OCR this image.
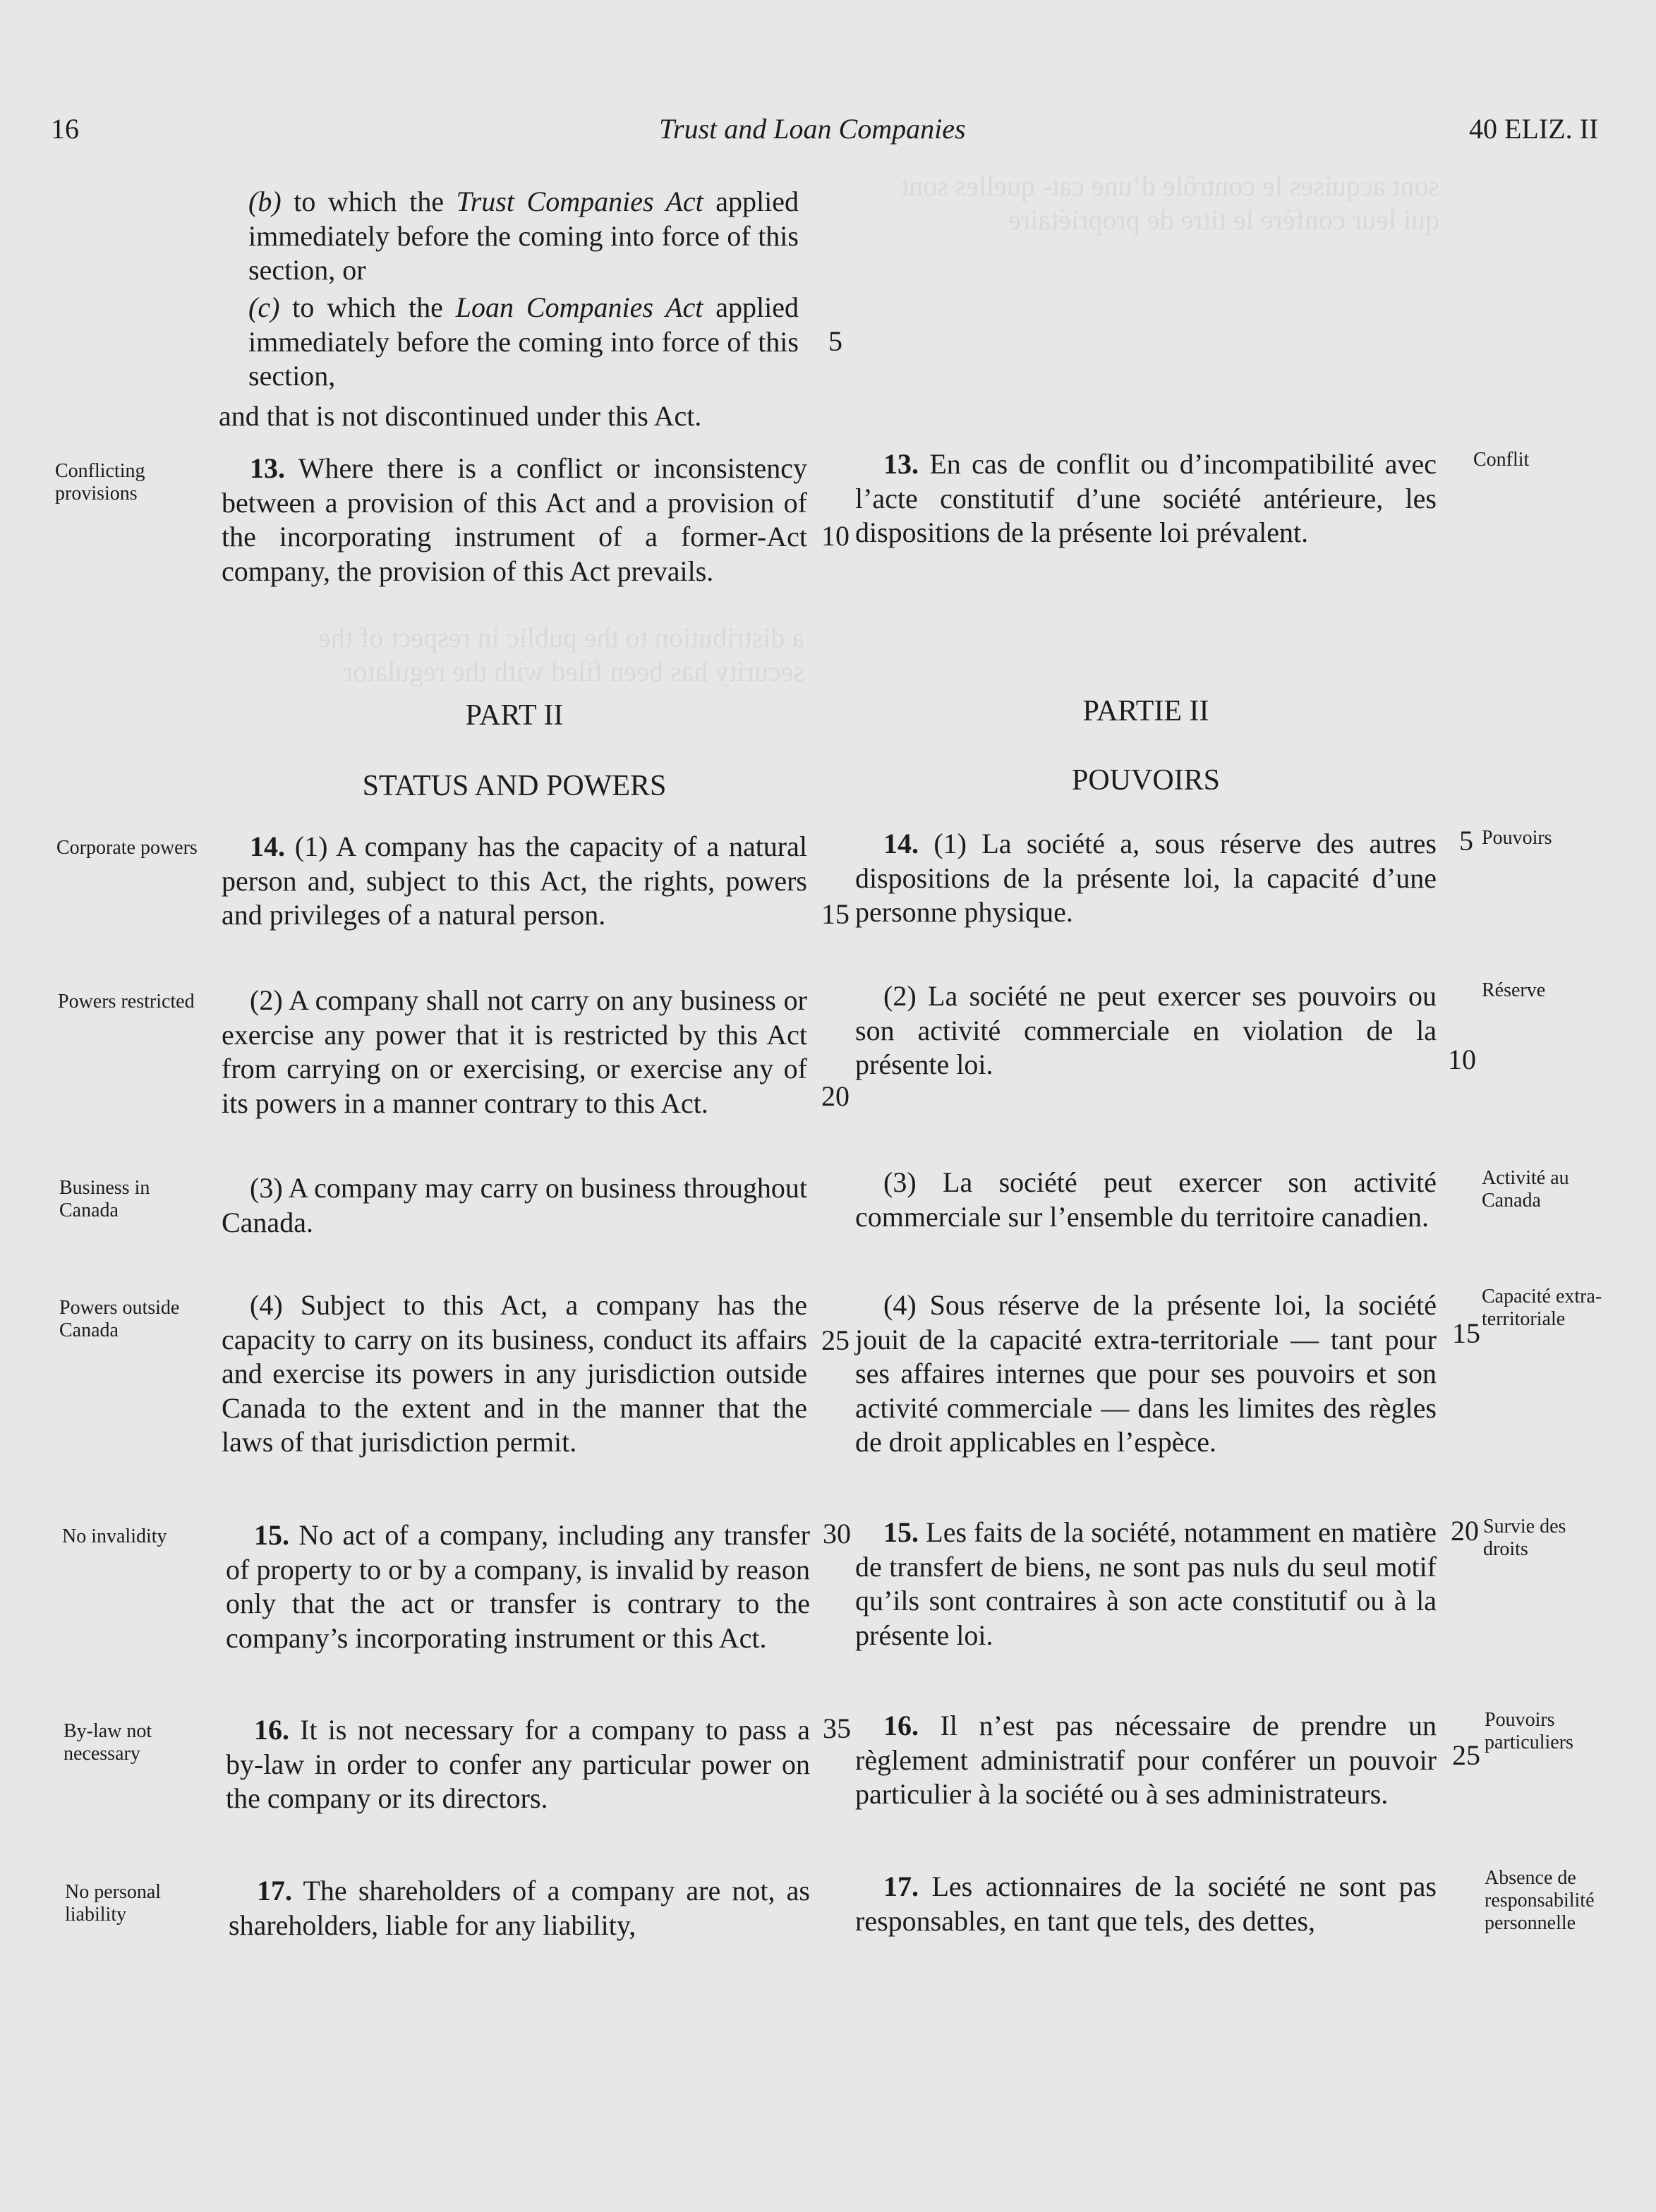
sont acquises le contrôle d’une cat- quelles sont qui leur confère le titre de propriétaire
a distribution to the public in respect of the security has been filed with the regulator
16	Trust and Loan Companies	40 ELIZ. II
(b) to which the Trust Companies Act applied immediately before the coming into force of this section, or
(c) to which the Loan Companies Act applied immediately before the coming into force of this section,
and that is not discontinued under this Act.
Conflicting provisions
13. Where there is a conflict or inconsistency between a provision of this Act and a provision of the incorporating instrument of a former-Act company, the provision of this Act prevails.
13. En cas de conflit ou d’incompatibilité avec l’acte constitutif d’une société antérieure, les dispositions de la présente loi prévalent.
Conflit
PART II
STATUS AND POWERS
PARTIE II
POUVOIRS
Corporate powers	14. (1) A company has the capacity of a natural person and, subject to this Act, the rights, powers and privileges of a natural person.
14. (1) La société a, sous réserve des autres dispositions de la présente loi, la capacité d’une personne physique.
Pouvoirs
Powers restricted	(2) A company shall not carry on any business or exercise any power that it is restricted by this Act from carrying on or exercising, or exercise any of its powers in a manner contrary to this Act.
(2) La société ne peut exercer ses pouvoirs ou son activité commerciale en violation de la présente loi.
Réserve
Business in Canada
(3) A company may carry on business throughout Canada.
(3) La société peut exercer son activité commerciale sur l’ensemble du territoire canadien.
Activité au Canada
Powers outside Canada
(4) Subject to this Act, a company has the capacity to carry on its business, conduct its affairs and exercise its powers in any jurisdiction outside Canada to the extent and in the manner that the laws of that jurisdiction permit.
(4) Sous réserve de la présente loi, la société jouit de la capacité extra-territoriale — tant pour ses affaires internes que pour ses pouvoirs et son activité commerciale — dans les limites des règles de droit applicables en l’espèce.
Capacité extra-territoriale
No invalidity	15. No act of a company, including any transfer of property to or by a company, is invalid by reason only that the act or transfer is contrary to the company’s incorporating instrument or this Act.
15. Les faits de la société, notamment en matière de transfert de biens, ne sont pas nuls du seul motif qu’ils sont contraires à son acte constitutif ou à la présente loi.
Survie des droits
By-law not necessary
16. It is not necessary for a company to pass a by-law in order to confer any particular power on the company or its directors.
16. Il n’est pas nécessaire de prendre un règlement administratif pour conférer un pouvoir particulier à la société ou à ses administrateurs.
Pouvoirs particuliers
No personal liability
17. The shareholders of a company are not, as shareholders, liable for any liability,
17. Les actionnaires de la société ne sont pas responsables, en tant que tels, des dettes,
Absence de responsabilité personnelle
5
10
15
20
25
30
35
5
10
15
20
25
